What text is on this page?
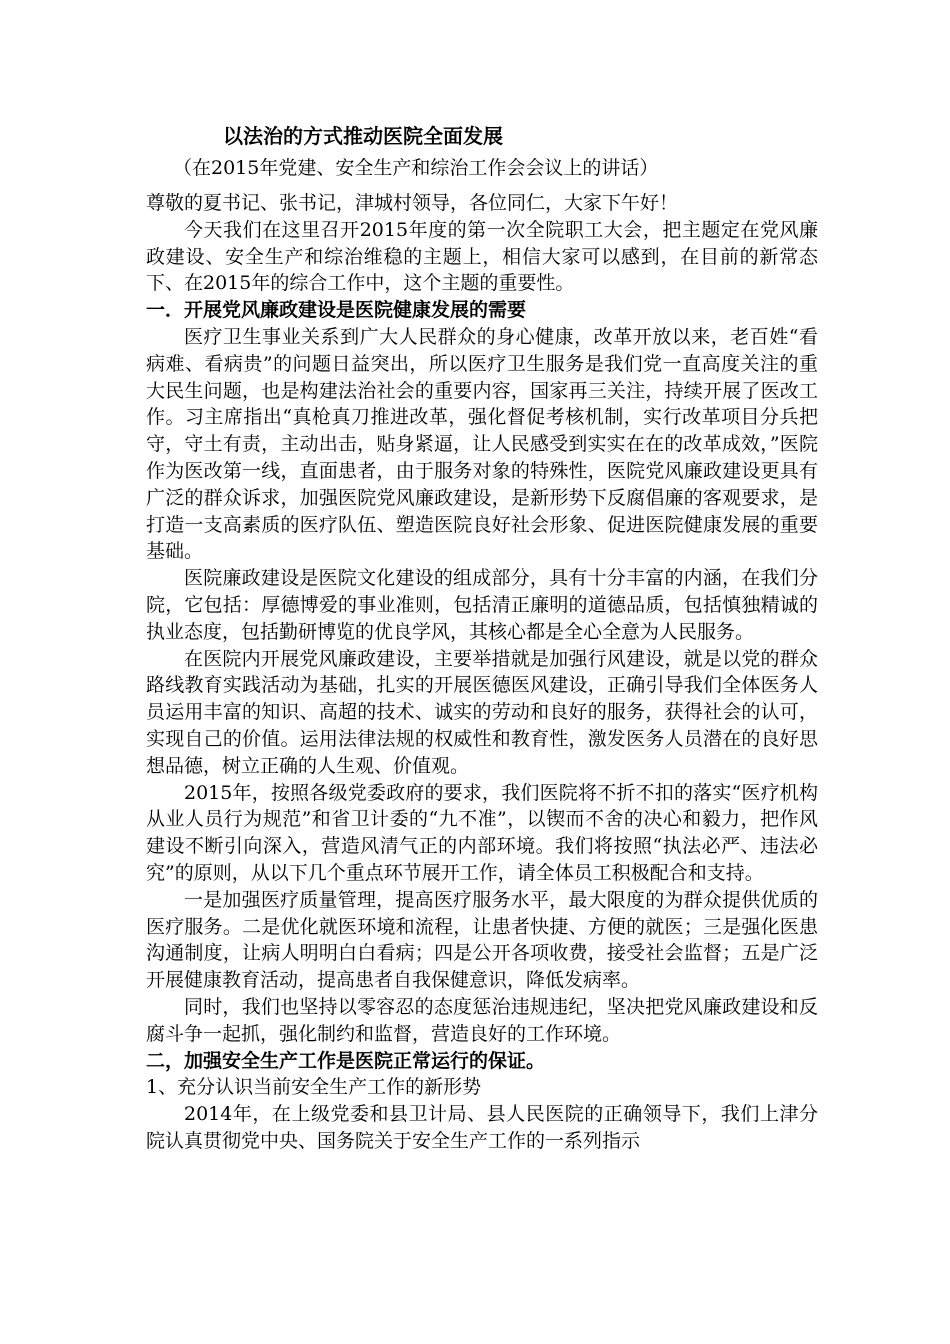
以法治的方式推动医院全面发展

（在2015年党建、安全生产和综治工作会会议上的讲话）

尊敬的夏书记、张书记，津城村领导，各位同仁，大家下午好！

今天我们在这里召开2015年度的第一次全院职工大会，把主题定在党风廉政建设、安全生产和综治维稳的主题上，相信大家可以感到，在目前的新常态下、在2015年的综合工作中，这个主题的重要性。

一．开展党风廉政建设是医院健康发展的需要

医疗卫生事业关系到广大人民群众的身心健康，改革开放以来，老百姓“看病难、看病贵”的问题日益突出，所以医疗卫生服务是我们党一直高度关注的重大民生问题，也是构建法治社会的重要内容，国家再三关注，持续开展了医改工作。习主席指出“真枪真刀推进改革，强化督促考核机制，实行改革项目分兵把守，守土有责，主动出击，贴身紧逼，让人民感受到实实在在的改革成效，”医院作为医改第一线，直面患者，由于服务对象的特殊性，医院党风廉政建设更具有广泛的群众诉求，加强医院党风廉政建设，是新形势下反腐倡廉的客观要求，是打造一支高素质的医疗队伍、塑造医院良好社会形象、促进医院健康发展的重要基础。

医院廉政建设是医院文化建设的组成部分，具有十分丰富的内涵，在我们分院，它包括：厚德博爱的事业准则，包括清正廉明的道德品质，包括慎独精诚的执业态度，包括勤研博览的优良学风，其核心都是全心全意为人民服务。

在医院内开展党风廉政建设，主要举措就是加强行风建设，就是以党的群众路线教育实践活动为基础，扎实的开展医德医风建设，正确引导我们全体医务人员运用丰富的知识、高超的技术、诚实的劳动和良好的服务，获得社会的认可，实现自己的价值。运用法律法规的权威性和教育性，激发医务人员潜在的良好思想品德，树立正确的人生观、价值观。

2015年，按照各级党委政府的要求，我们医院将不折不扣的落实“医疗机构从业人员行为规范”和省卫计委的“九不准”，以锲而不舍的决心和毅力，把作风建设不断引向深入，营造风清气正的内部环境。我们将按照“执法必严、违法必究”的原则，从以下几个重点环节展开工作，请全体员工积极配合和支持。

一是加强医疗质量管理，提高医疗服务水平，最大限度的为群众提供优质的医疗服务。二是优化就医环境和流程，让患者快捷、方便的就医；三是强化医患沟通制度，让病人明明白白看病；四是公开各项收费，接受社会监督；五是广泛开展健康教育活动，提高患者自我保健意识，降低发病率。

同时，我们也坚持以零容忍的态度惩治违规违纪，坚决把党风廉政建设和反腐斗争一起抓，强化制约和监督，营造良好的工作环境。

二，加强安全生产工作是医院正常运行的保证。

1、充分认识当前安全生产工作的新形势

2014年，在上级党委和县卫计局、县人民医院的正确领导下，我们上津分院认真贯彻党中央、国务院关于安全生产工作的一系列指示
